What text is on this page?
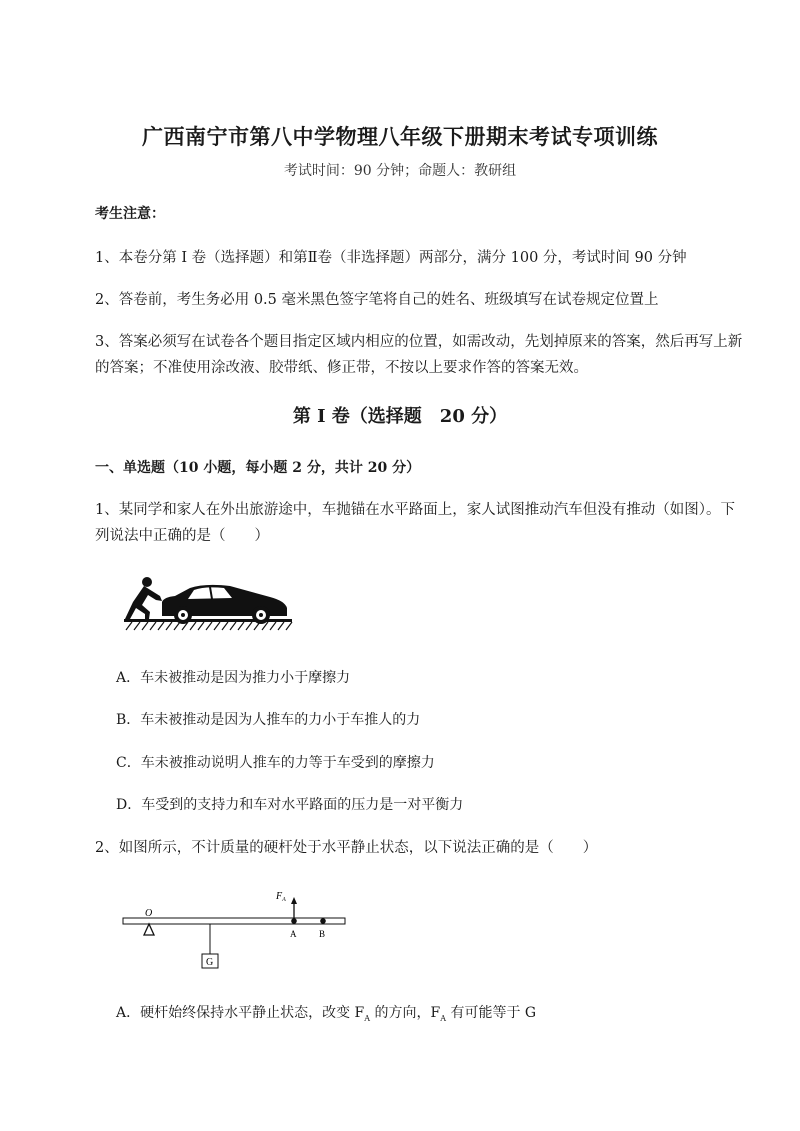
广西南宁市第八中学物理八年级下册期末考试专项训练
考试时间：90 分钟；命题人：教研组
考生注意：
1、本卷分第 I 卷（选择题）和第Ⅱ卷（非选择题）两部分，满分 100 分，考试时间 90 分钟
2、答卷前，考生务必用 0.5 毫米黑色签字笔将自己的姓名、班级填写在试卷规定位置上
3、答案必须写在试卷各个题目指定区域内相应的位置，如需改动，先划掉原来的答案，然后再写上新
的答案；不准使用涂改液、胶带纸、修正带，不按以上要求作答的答案无效。
第 I 卷（选择题　20 分）
一、单选题（10 小题，每小题 2 分，共计 20 分）
1、某同学和家人在外出旅游途中，车抛锚在水平路面上，家人试图推动汽车但没有推动（如图）。下
列说法中正确的是（　　）
A．车未被推动是因为推力小于摩擦力
B．车未被推动是因为人推车的力小于车推人的力
C．车未被推动说明人推车的力等于车受到的摩擦力
D．车受到的支持力和车对水平路面的压力是一对平衡力
2、如图所示，不计质量的硬杆处于水平静止状态，以下说法正确的是（　　）
O
G
$F_A$
A	B
A．硬杆始终保持水平静止状态，改变 $F_A$ 的方向，$F_A$ 有可能等于 G
